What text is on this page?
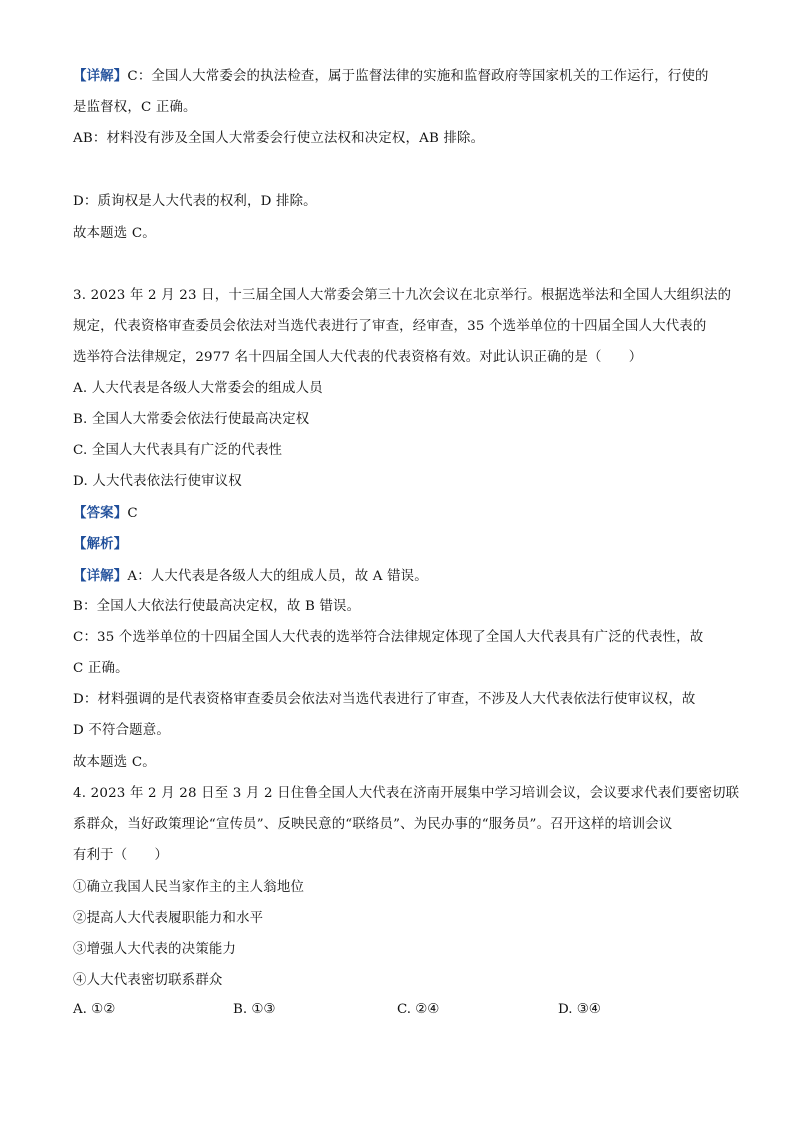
【详解】C：全国人大常委会的执法检查，属于监督法律的实施和监督政府等国家机关的工作运行，行使的
是监督权，C 正确。
AB：材料没有涉及全国人大常委会行使立法权和决定权，AB 排除。
D：质询权是人大代表的权利，D 排除。
故本题选 C。
3. 2023 年 2 月 23 日，十三届全国人大常委会第三十九次会议在北京举行。根据选举法和全国人大组织法的
规定，代表资格审查委员会依法对当选代表进行了审查，经审查，35 个选举单位的十四届全国人大代表的
选举符合法律规定，2977 名十四届全国人大代表的代表资格有效。对此认识正确的是（　　）
A. 人大代表是各级人大常委会的组成人员
B. 全国人大常委会依法行使最高决定权
C. 全国人大代表具有广泛的代表性
D. 人大代表依法行使审议权
【答案】C
【解析】
【详解】A：人大代表是各级人大的组成人员，故 A 错误。
B：全国人大依法行使最高决定权，故 B 错误。
C：35 个选举单位的十四届全国人大代表的选举符合法律规定体现了全国人大代表具有广泛的代表性，故
C 正确。
D：材料强调的是代表资格审查委员会依法对当选代表进行了审查，不涉及人大代表依法行使审议权，故
D 不符合题意。
故本题选 C。
4. 2023 年 2 月 28 日至 3 月 2 日住鲁全国人大代表在济南开展集中学习培训会议，会议要求代表们要密切联
系群众，当好政策理论“宣传员”、反映民意的“联络员”、为民办事的“服务员”。召开这样的培训会议
有利于（　　）
①确立我国人民当家作主的主人翁地位
②提高人大代表履职能力和水平
③增强人大代表的决策能力
④人大代表密切联系群众
A. ①②	B. ①③	C. ②④	D. ③④
